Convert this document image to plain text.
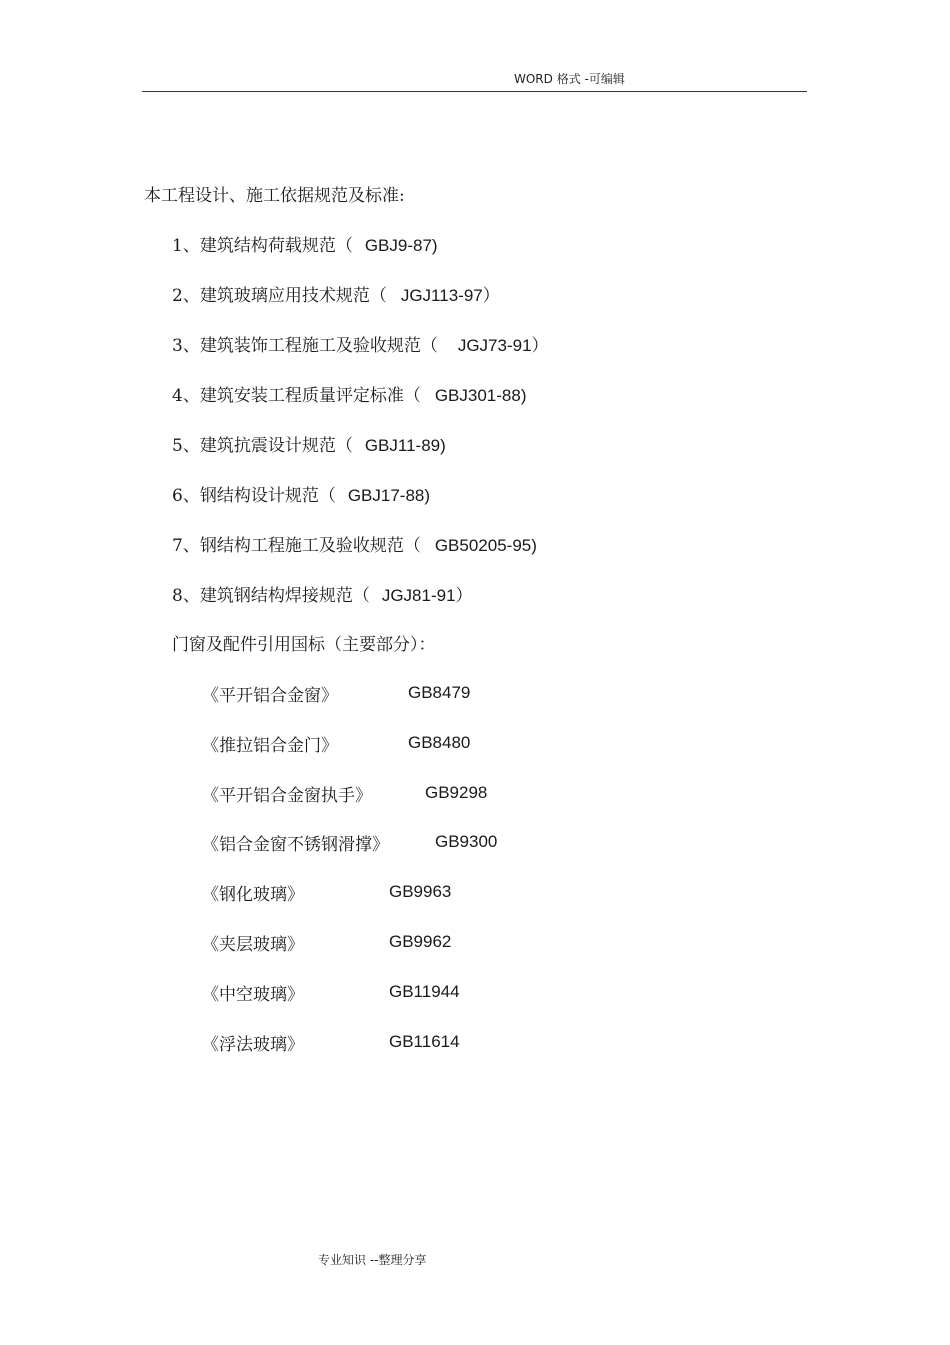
WORD 格式 -可编辑
本工程设计、施工依据规范及标准:
1、建筑结构荷载规范（ GBJ9-87)
2、建筑玻璃应用技术规范（ JGJ113-97）
3、建筑装饰工程施工及验收规范（ JGJ73-91）
4、建筑安装工程质量评定标准（ GBJ301-88)
5、建筑抗震设计规范（ GBJ11-89)
6、钢结构设计规范（ GBJ17-88)
7、钢结构工程施工及验收规范（ GB50205-95)
8、建筑钢结构焊接规范（ JGJ81-91）
门窗及配件引用国标（主要部分）：
《平开铝合金窗》	GB8479
《推拉铝合金门》	GB8480
《平开铝合金窗执手》	GB9298
《铝合金窗不锈钢滑撑》	GB9300
《钢化玻璃》	GB9963
《夹层玻璃》	GB9962
《中空玻璃》	GB11944
《浮法玻璃》	GB11614
专业知识 --整理分享
